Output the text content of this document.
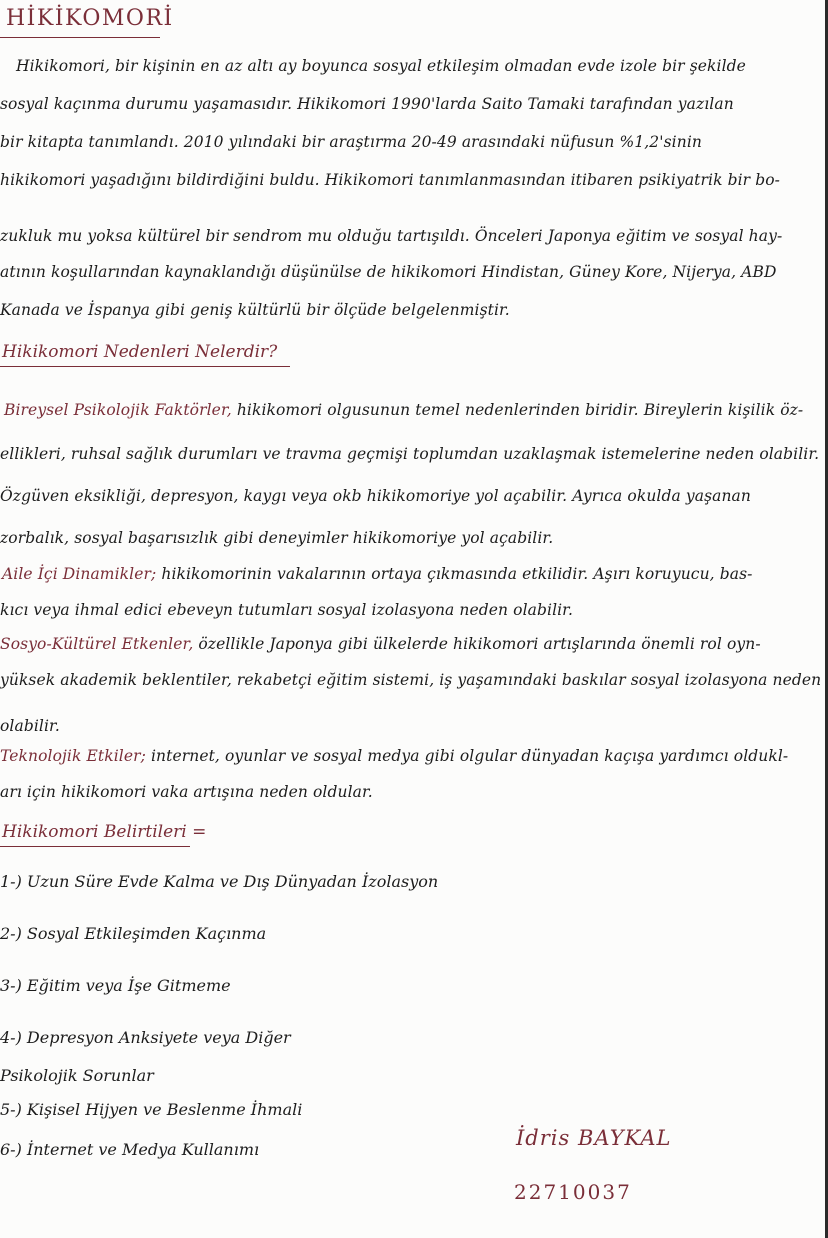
HİKİKOMORİ
Hikikomori, bir kişinin en az altı ay boyunca sosyal etkileşim olmadan evde izole bir şekilde
sosyal kaçınma durumu yaşamasıdır. Hikikomori 1990'larda Saito Tamaki tarafından yazılan
bir kitapta tanımlandı. 2010 yılındaki bir araştırma 20-49 arasındaki nüfusun %1,2'sinin
hikikomori yaşadığını bildirdiğini buldu. Hikikomori tanımlanmasından itibaren psikiyatrik bir bo-
zukluk mu yoksa kültürel bir sendrom mu olduğu tartışıldı. Önceleri Japonya eğitim ve sosyal hay-
atının koşullarından kaynaklandığı düşünülse de hikikomori Hindistan, Güney Kore, Nijerya, ABD
Kanada ve İspanya gibi geniş kültürlü bir ölçüde belgelenmiştir.
Hikikomori Nedenleri Nelerdir?
Bireysel Psikolojik Faktörler, hikikomori olgusunun temel nedenlerinden biridir. Bireylerin kişilik öz-
ellikleri, ruhsal sağlık durumları ve travma geçmişi toplumdan uzaklaşmak istemelerine neden olabilir.
Özgüven eksikliği, depresyon, kaygı veya okb hikikomoriye yol açabilir. Ayrıca okulda yaşanan
zorbalık, sosyal başarısızlık gibi deneyimler hikikomoriye yol açabilir.
Aile İçi Dinamikler; hikikomorinin vakalarının ortaya çıkmasında etkilidir. Aşırı koruyucu, bas-
kıcı veya ihmal edici ebeveyn tutumları sosyal izolasyona neden olabilir.
Sosyo-Kültürel Etkenler, özellikle Japonya gibi ülkelerde hikikomori artışlarında önemli rol oyn-
yüksek akademik beklentiler, rekabetçi eğitim sistemi, iş yaşamındaki baskılar sosyal izolasyona neden
olabilir.
Teknolojik Etkiler; internet, oyunlar ve sosyal medya gibi olgular dünyadan kaçışa yardımcı oldukl-
arı için hikikomori vaka artışına neden oldular.
Hikikomori Belirtileri =
1-) Uzun Süre Evde Kalma ve Dış Dünyadan İzolasyon
2-) Sosyal Etkileşimden Kaçınma
3-) Eğitim veya İşe Gitmeme
4-) Depresyon Anksiyete veya Diğer
Psikolojik Sorunlar
5-) Kişisel Hijyen ve Beslenme İhmali
6-) İnternet ve Medya Kullanımı	İdris BAYKAL
22710037
